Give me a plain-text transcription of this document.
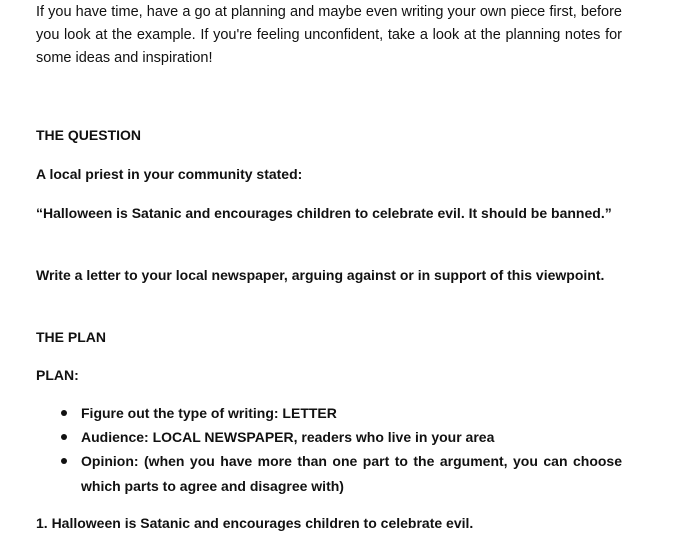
If you have time, have a go at planning and maybe even writing your own piece first, before you look at the example. If you're feeling unconfident, take a look at the planning notes for some ideas and inspiration!

THE QUESTION

A local priest in your community stated:

“Halloween is Satanic and encourages children to celebrate evil. It should be banned.”

Write a letter to your local newspaper, arguing against or in support of this viewpoint.

THE PLAN

PLAN:

Figure out the type of writing: LETTER
Audience: LOCAL NEWSPAPER, readers who live in your area
Opinion: (when you have more than one part to the argument, you can choose which parts to agree and disagree with)

1. Halloween is Satanic and encourages children to celebrate evil.
